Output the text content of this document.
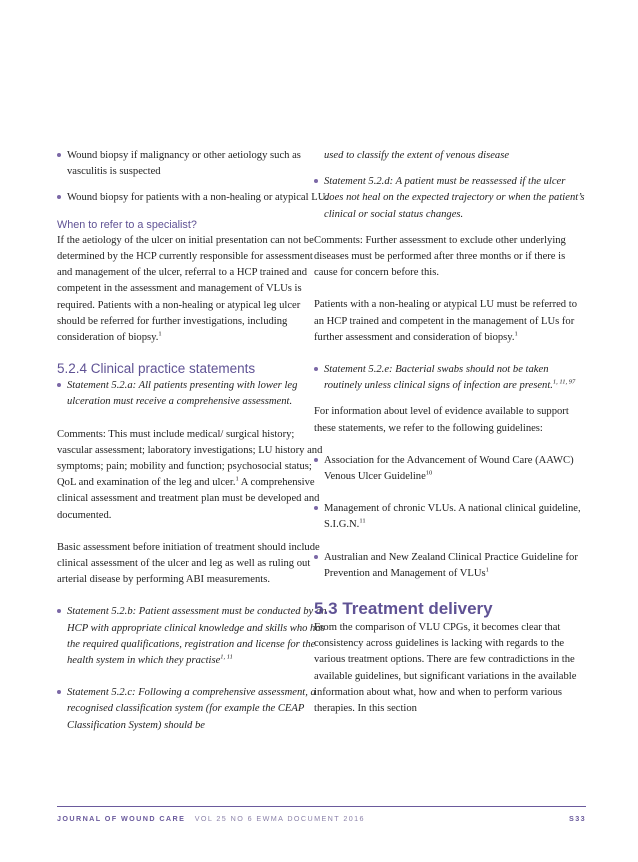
Wound biopsy if malignancy or other aetiology such as vasculitis is suspected

Wound biopsy for patients with a non-healing or atypical LU.

When to refer to a specialist?

If the aetiology of the ulcer on initial presentation can not be determined by the HCP currently responsible for assessment and management of the ulcer, referral to a HCP trained and competent in the assessment and management of VLUs is required. Patients with a non-healing or atypical leg ulcer should be referred for further investigations, including consideration of biopsy.$^1$

5.2.4 Clinical practice statements

Statement 5.2.a: All patients presenting with lower leg ulceration must receive a comprehensive assessment.

Comments: This must include medical/ surgical history; vascular assessment; laboratory investigations; LU history and symptoms; pain; mobility and function; psychosocial status; QoL and examination of the leg and ulcer.$^1$ A comprehensive clinical assessment and treatment plan must be developed and documented.

Basic assessment before initiation of treatment should include clinical assessment of the ulcer and leg as well as ruling out arterial disease by performing ABI measurements.

Statement 5.2.b: Patient assessment must be conducted by an HCP with appropriate clinical knowledge and skills who has the required qualifications, registration and license for the health system in which they practise$^{1, 11}$

Statement 5.2.c: Following a comprehensive assessment, a recognised classification system (for example the CEAP Classification System) should be

used to classify the extent of venous disease

Statement 5.2.d: A patient must be reassessed if the ulcer does not heal on the expected trajectory or when the patient’s clinical or social status changes.

Comments: Further assessment to exclude other underlying diseases must be performed after three months or if there is cause for concern before this.

Patients with a non-healing or atypical LU must be referred to an HCP trained and competent in the management of LUs for further assessment and consideration of biopsy.$^1$

Statement 5.2.e: Bacterial swabs should not be taken routinely unless clinical signs of infection are present.$^{1, 11, 97}$

For information about level of evidence available to support these statements, we refer to the following guidelines:

Association for the Advancement of Wound Care (AAWC) Venous Ulcer Guideline$^{10}$

Management of chronic VLUs. A national clinical guideline, S.I.G.N.$^{11}$

Australian and New Zealand Clinical Practice Guideline for Prevention and Management of VLUs$^1$

5.3 Treatment delivery

From the comparison of VLU CPGs, it becomes clear that consistency across guidelines is lacking with regards to the various treatment options. There are few contradictions in the available guidelines, but significant variations in the available information about what, how and when to perform various therapies. In this section

JOURNAL OF WOUND CARE VOL 25 NO 6 EWMA DOCUMENT 2016	S33
